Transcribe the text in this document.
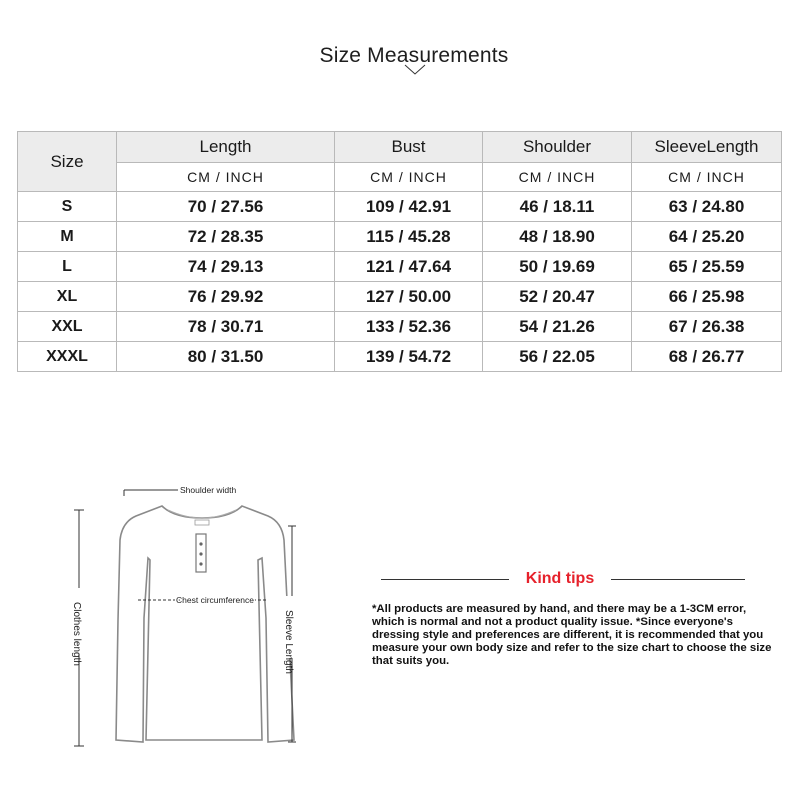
Size Measurements
Size	Length	Bust	Shoulder	SleeveLength
	CM / INCH	CM / INCH	CM / INCH	CM / INCH
S	70 / 27.56	109 / 42.91	46 / 18.11	63 / 24.80
M	72 / 28.35	115 / 45.28	48 / 18.90	64 / 25.20
L	74 / 29.13	121 / 47.64	50 / 19.69	65 / 25.59
XL	76 / 29.92	127 / 50.00	52 / 20.47	66 / 25.98
XXL	78 / 30.71	133 / 52.36	54 / 21.26	67 / 26.38
XXXL	80 / 31.50	139 / 54.72	56 / 22.05	68 / 26.77
Shoulder width
Chest circumference
Clothes length	Sleeve Length
Kind tips
*All products are measured by hand, and there may be a 1-3CM error, which is normal and not a product quality issue. *Since everyone's dressing style and preferences are different, it is recommended that you measure your own body size and refer to the size chart to choose the size that suits you.
